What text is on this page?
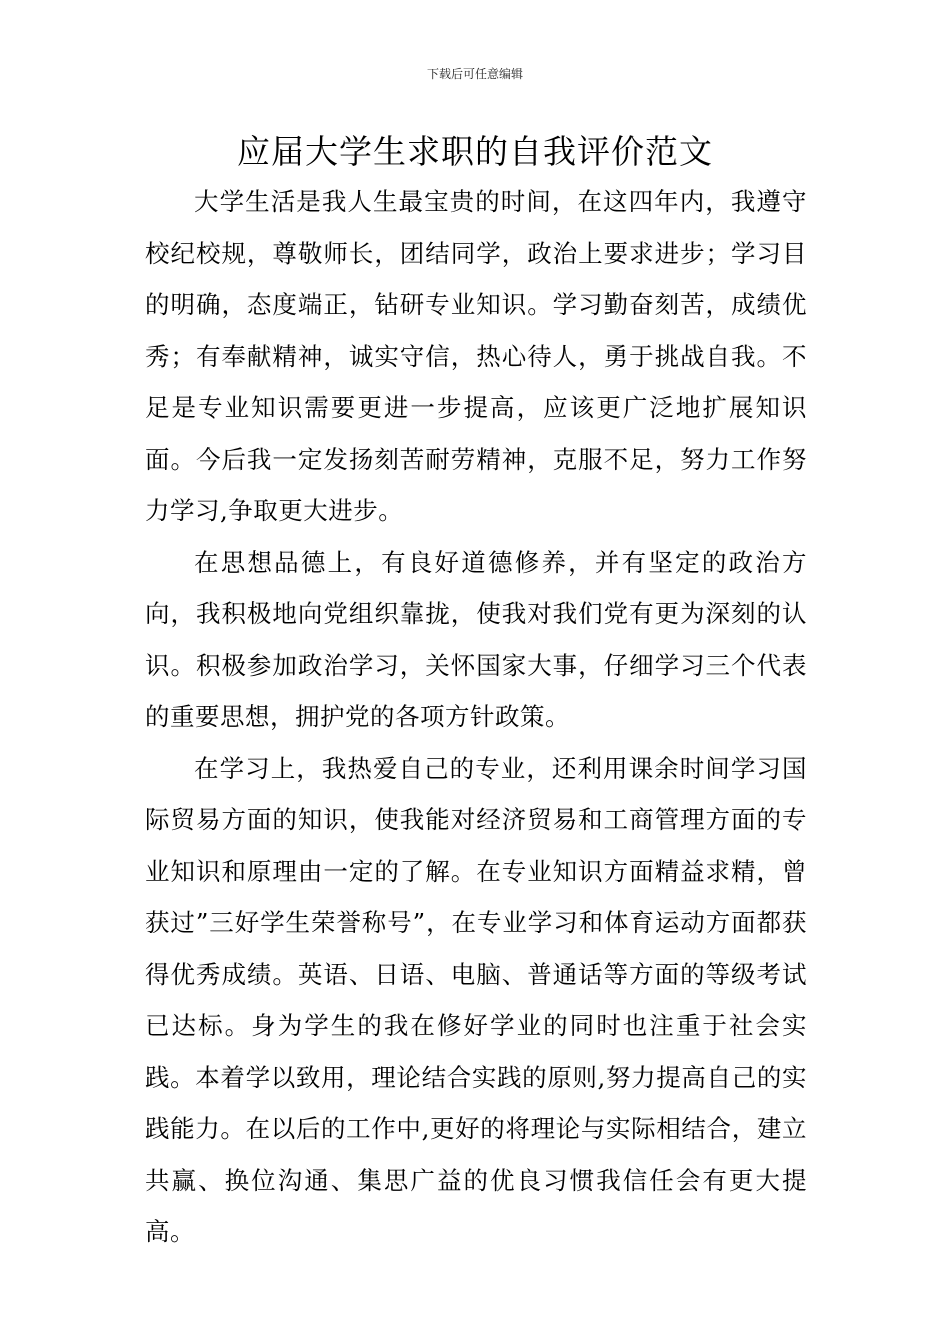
下载后可任意编辑
应届大学生求职的自我评价范文

大学生活是我人生最宝贵的时间，在这四年内，我遵守校纪校规，尊敬师长，团结同学，政治上要求进步；学习目的明确，态度端正，钻研专业知识。学习勤奋刻苦，成绩优秀；有奉献精神，诚实守信，热心待人，勇于挑战自我。不足是专业知识需要更进一步提高，应该更广泛地扩展知识面。今后我一定发扬刻苦耐劳精神，克服不足，努力工作努力学习,争取更大进步。

在思想品德上，有良好道德修养，并有坚定的政治方向，我积极地向党组织靠拢，使我对我们党有更为深刻的认识。积极参加政治学习，关怀国家大事，仔细学习三个代表的重要思想，拥护党的各项方针政策。

在学习上，我热爱自己的专业，还利用课余时间学习国际贸易方面的知识，使我能对经济贸易和工商管理方面的专业知识和原理由一定的了解。在专业知识方面精益求精，曾获过”三好学生荣誉称号”，在专业学习和体育运动方面都获得优秀成绩。英语、日语、电脑、普通话等方面的等级考试已达标。身为学生的我在修好学业的同时也注重于社会实践。本着学以致用，理论结合实践的原则,努力提高自己的实践能力。在以后的工作中,更好的将理论与实际相结合，建立共赢、换位沟通、集思广益的优良习惯我信任会有更大提高。
